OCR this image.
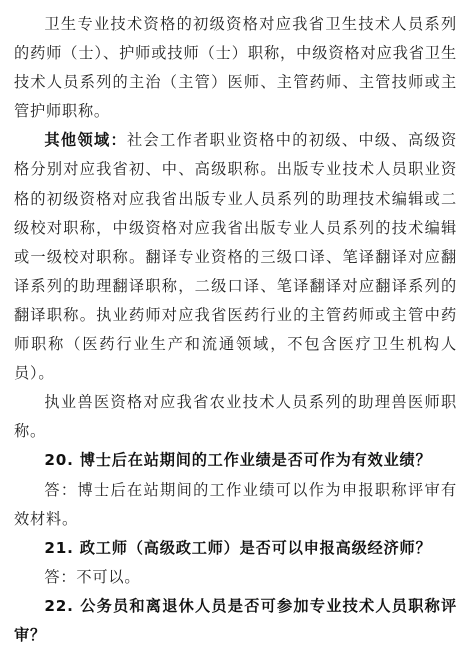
卫生专业技术资格的初级资格对应我省卫生技术人员系列的药师（士）、护师或技师（士）职称，中级资格对应我省卫生技术人员系列的主治（主管）医师、主管药师、主管技师或主管护师职称。

其他领域：社会工作者职业资格中的初级、中级、高级资格分别对应我省初、中、高级职称。出版专业技术人员职业资格的初级资格对应我省出版专业人员系列的助理技术编辑或二级校对职称，中级资格对应我省出版专业人员系列的技术编辑或一级校对职称。翻译专业资格的三级口译、笔译翻译对应翻译系列的助理翻译职称，二级口译、笔译翻译对应翻译系列的翻译职称。执业药师对应我省医药行业的主管药师或主管中药师职称（医药行业生产和流通领域，不包含医疗卫生机构人员）。

执业兽医资格对应我省农业技术人员系列的助理兽医师职称。

20. 博士后在站期间的工作业绩是否可作为有效业绩？

答：博士后在站期间的工作业绩可以作为申报职称评审有效材料。

21. 政工师（高级政工师）是否可以申报高级经济师？

答：不可以。

22. 公务员和离退休人员是否可参加专业技术人员职称评审？
